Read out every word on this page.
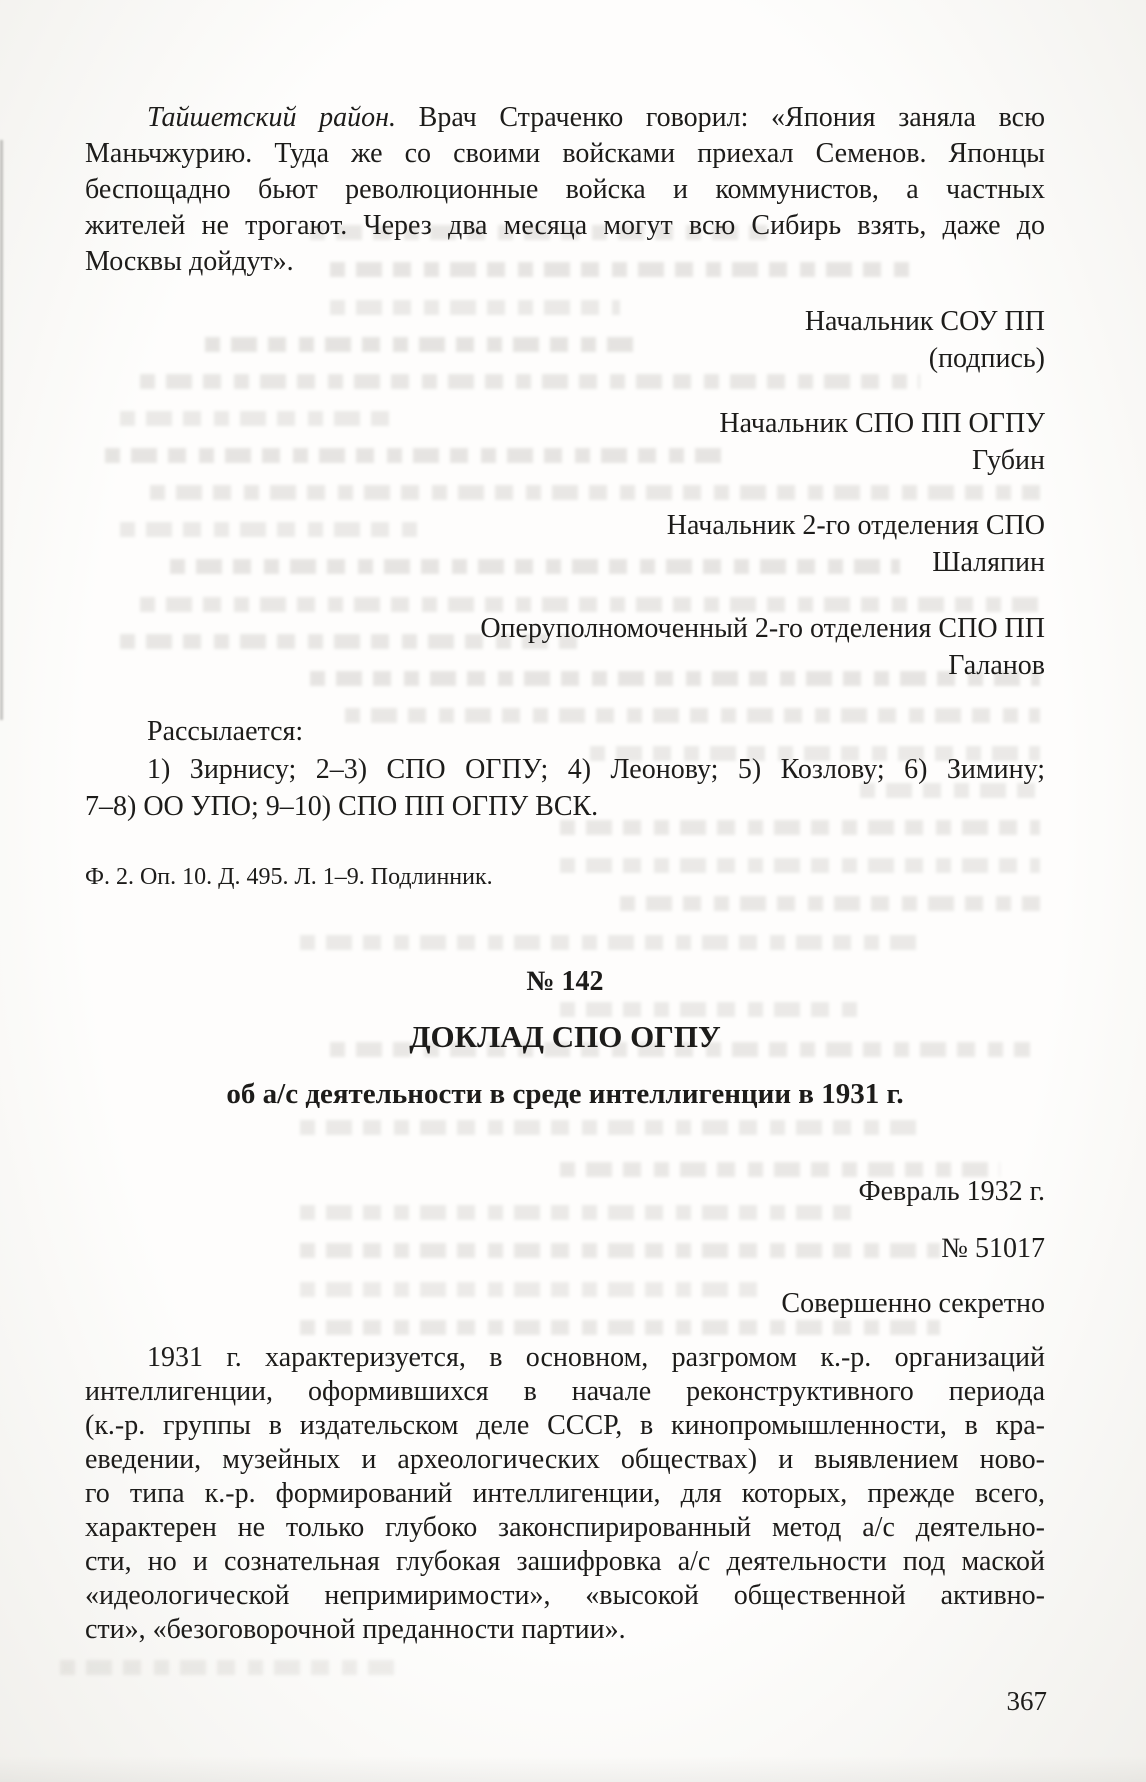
Тайшетский район. Врач Страченко говорил: «Япония заняла всю
Маньчжурию. Туда же со своими войсками приехал Семенов. Японцы
беспощадно бьют революционные войска и коммунистов, а частных
жителей не трогают. Через два месяца могут всю Сибирь взять, даже до
Москвы дойдут».
Начальник СОУ ПП
(подпись)
Начальник СПО ПП ОГПУ
Губин
Начальник 2-го отделения СПО
Шаляпин
Оперуполномоченный 2-го отделения СПО ПП
Галанов
Рассылается:
1) Зирнису; 2–3) СПО ОГПУ; 4) Леонову; 5) Козлову; 6) Зимину;
7–8) ОО УПО; 9–10) СПО ПП ОГПУ ВСК.
Ф. 2. Оп. 10. Д. 495. Л. 1–9. Подлинник.
№ 142
ДОКЛАД СПО ОГПУ
об а/с деятельности в среде интеллигенции в 1931 г.
Февраль 1932 г.
№ 51017
Совершенно секретно
1931 г. характеризуется, в основном, разгромом к.-р. организаций
интеллигенции, оформившихся в начале реконструктивного периода
(к.-р. группы в издательском деле СССР, в кинопромышленности, в кра-
еведении, музейных и археологических обществах) и выявлением ново-
го типа к.-р. формирований интеллигенции, для которых, прежде всего,
характерен не только глубоко законспирированный метод а/с деятельно-
сти, но и сознательная глубокая зашифровка а/с деятельности под маской
«идеологической непримиримости», «высокой общественной активно-
сти», «безоговорочной преданности партии».
367
